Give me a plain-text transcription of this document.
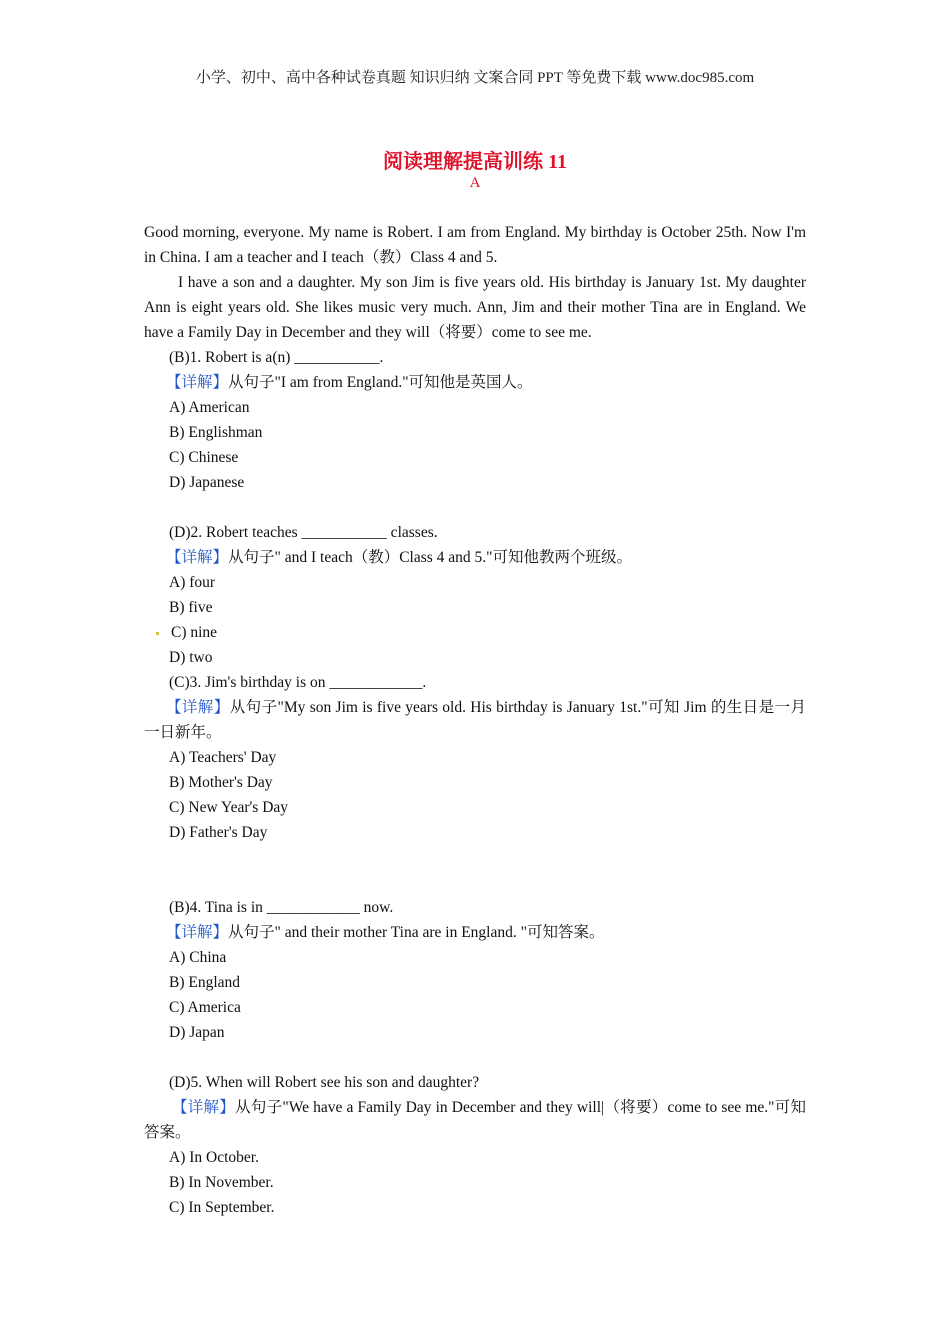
小学、初中、高中各种试卷真题 知识归纳 文案合同 PPT 等免费下载 www.doc985.com
阅读理解提高训练 11
A
Good morning, everyone. My name is Robert. I am from England. My birthday is October 25th. Now I'm in China. I am a teacher and I teach（教）Class 4 and 5.
I have a son and a daughter. My son Jim is five years old. His birthday is January 1st. My daughter Ann is eight years old. She likes music very much. Ann, Jim and their mother Tina are in England. We have a Family Day in December and they will（将要）come to see me.
(B)1. Robert is a(n) ___________.
【详解】从句子"I am from England."可知他是英国人。
A) American
B) Englishman
C) Chinese
D) Japanese
(D)2. Robert teaches ___________ classes.
【详解】从句子" and I teach（教）Class 4 and 5."可知他教两个班级。
A) four
B) five
C) nine
D) two
(C)3. Jim's birthday is on ____________.
【详解】从句子"My son Jim is five years old. His birthday is January 1st."可知 Jim 的生日是一月一日新年。
A) Teachers' Day
B) Mother's Day
C) New Year's Day
D) Father's Day
(B)4. Tina is in ____________ now.
【详解】从句子" and their mother Tina are in England. "可知答案。
A) China
B) England
C) America
D) Japan
(D)5. When will Robert see his son and daughter?
【详解】从句子"We have a Family Day in December and they will|（将要）come to see me."可知答案。
A) In October.
B) In November.
C) In September.
